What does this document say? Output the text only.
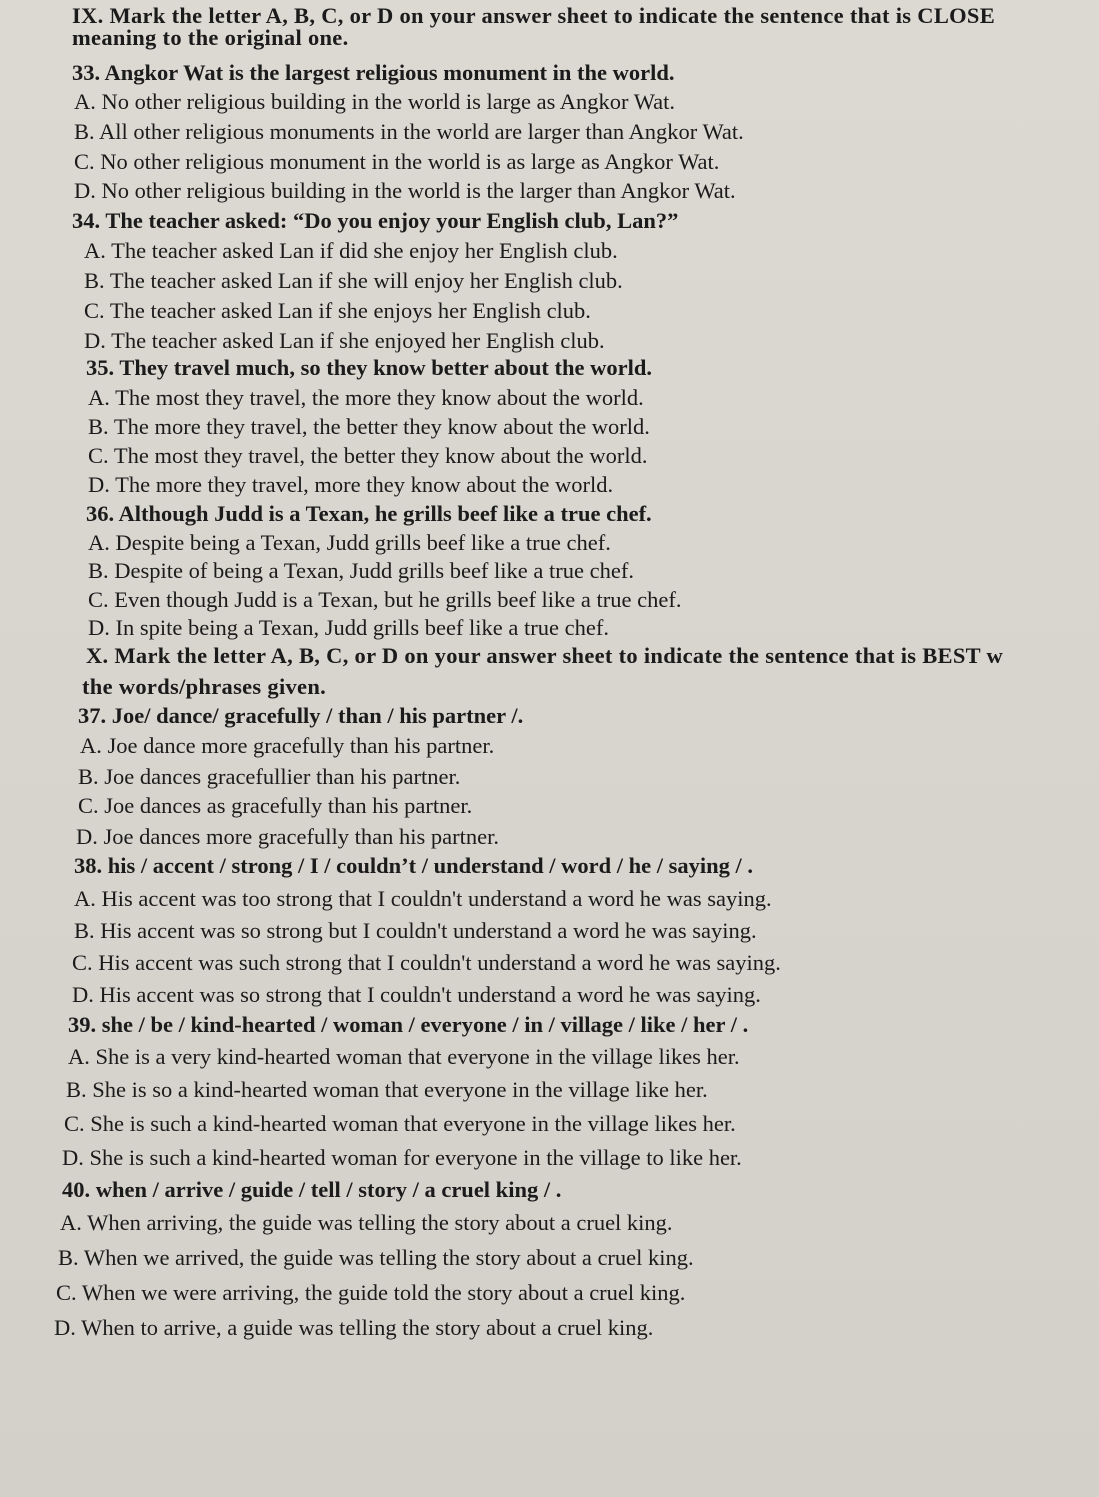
IX. Mark the letter A, B, C, or D on your answer sheet to indicate the sentence that is CLOSE
meaning to the original one.
33. Angkor Wat is the largest religious monument in the world.
A. No other religious building in the world is large as Angkor Wat.
B. All other religious monuments in the world are larger than Angkor Wat.
C. No other religious monument in the world is as large as Angkor Wat.
D. No other religious building in the world is the larger than Angkor Wat.
34. The teacher asked: “Do you enjoy your English club, Lan?”
A. The teacher asked Lan if did she enjoy her English club.
B. The teacher asked Lan if she will enjoy her English club.
C. The teacher asked Lan if she enjoys her English club.
D. The teacher asked Lan if she enjoyed her English club.
35. They travel much, so they know better about the world.
A. The most they travel, the more they know about the world.
B. The more they travel, the better they know about the world.
C. The most they travel, the better they know about the world.
D. The more they travel, more they know about the world.
36. Although Judd is a Texan, he grills beef like a true chef.
A. Despite being a Texan, Judd grills beef like a true chef.
B. Despite of being a Texan, Judd grills beef like a true chef.
C. Even though Judd is a Texan, but he grills beef like a true chef.
D. In spite being a Texan, Judd grills beef like a true chef.
X. Mark the letter A, B, C, or D on your answer sheet to indicate the sentence that is BEST w
the words/phrases given.
37. Joe/ dance/ gracefully / than / his partner /.
A. Joe dance more gracefully than his partner.
B. Joe dances gracefullier than his partner.
C. Joe dances as gracefully than his partner.
D. Joe dances more gracefully than his partner.
38. his / accent / strong / I / couldn’t / understand / word / he / saying / .
A. His accent was too strong that I couldn't understand a word he was saying.
B. His accent was so strong but I couldn't understand a word he was saying.
C. His accent was such strong that I couldn't understand a word he was saying.
D. His accent was so strong that I couldn't understand a word he was saying.
39. she / be / kind-hearted / woman / everyone / in / village / like / her / .
A. She is a very kind-hearted woman that everyone in the village likes her.
B. She is so a kind-hearted woman that everyone in the village like her.
C. She is such a kind-hearted woman that everyone in the village likes her.
D. She is such a kind-hearted woman for everyone in the village to like her.
40. when / arrive / guide / tell / story / a cruel king / .
A. When arriving, the guide was telling the story about a cruel king.
B. When we arrived, the guide was telling the story about a cruel king.
C. When we were arriving, the guide told the story about a cruel king.
D. When to arrive, a guide was telling the story about a cruel king.
